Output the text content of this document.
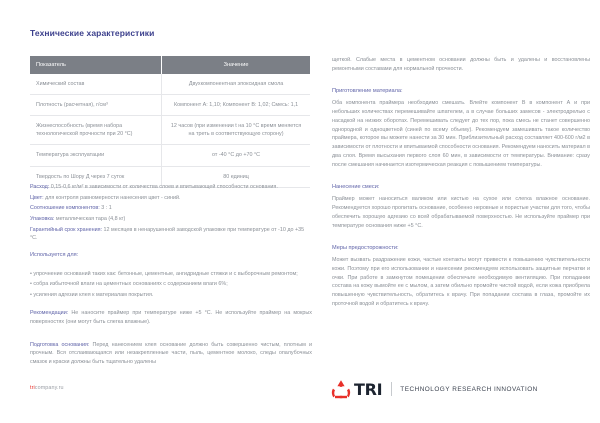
Технические характеристики
Показатель	Значение
Химический состав	Двухкомпонентная эпоксидная смола
Плотность (расчетная), г/см³	Компонент А: 1,10; Компонент В: 1,02; Смесь: 1,1
Жизнеспособность (время набора технологической прочности при 20 °С)	12 часов (при изменении t на 10 °С время меняется на треть в соответствующую сторону)
Температура эксплуатации	от -40 °С до +70 °С
Твердость по Шору Д через 7 суток	80 единиц

Расход: 0,15-0,6 кг/м² в зависимости от количества слоев и впитывающей способности основания.

Цвет: для контроля равномерности нанесения цвет - синий.

Соотношение компонентов: 3 : 1

Упаковка: металлическая тара (4,8 кг)

Гарантийный срок хранения: 12 месяцев в ненарушенной заводской упаковке при температуре от -10 до +35 °С.

Используется для:

• упрочнение оснований таких как: бетонные, цементные, ангидридные стяжки и с выборочным ремонтом;

• собра избыточной влаги на цементных основаниях с содержанием влаги 6%;

• усиления адгезии клея к материалам покрытия.

Рекомендации: Не наносите праймер при температуре ниже +5 °С. Не используйте праймер на мокрых поверхностях (они могут быть слегка влажные).

Подготовка основания: Перед нанесением клея основание должно быть совершенно чистым, плотным и прочным. Вся отслаивающаяся или незакрепленные части, пыль, цементное молоко, следы опалубочных смазок и краски должны быть тщательно удалены

щеткой. Слабые места в цементном основании должны быть и удалены и восстановлены ремонтными составами для нормальной прочности.

Приготовление материала:

Оба компонента праймера необходимо смешать. Влейте компонент В в компонент А и при небольших количествах перемешивайте шпателем, а в случае больших замесов - электродрелью с насадкой на низких оборотах. Перемешивать следует до тех пор, пока смесь не станет совершенно однородной и одноцветной (синей по всему объему). Рекомендуем замешивать такое количество праймера, которое вы можете нанести за 30 мин. Приблизительный расход составляет 400-600 г/м2 в зависимости от плотности и впитываемой способности основания. Рекомендуем наносить материал в два слоя. Время высыхания первого слоя 60 мин, в зависимости от температуры. Внимание: сразу после смешания начинается изотермическая реакция с повышением температуры.

Нанесение смеси:

Праймер может наноситься валиком или кистью на сухое или слегка влажное основание. Рекомендуется хорошо пропитать основание, особенно неровные и пористые участки для того, чтобы обеспечить хорошую адгезию со всей обрабатываемой поверхностью. Не используйте праймер при температуре основания ниже +5 °С.

Меры предосторожности:

Может вызвать раздражение кожи, частые контакты могут привести к повышению чувствительности кожи. Поэтому при его использовании и нанесении рекомендуем использовать защитные перчатки и очки. При работе в замкнутом помещении обеспечьте необходимую вентиляцию. При попадании состава на кожу вымойте ее с мылом, а затем обильно промойте чистой водой, если кожа приобрела повышенную чувствительность, обратитесь к врачу. При попадании состава в глаза, промойте их проточной водой и обратитесь к врачу.

tricompany.ru	TRI	TECHNOLOGY RESEARCH INNOVATION
